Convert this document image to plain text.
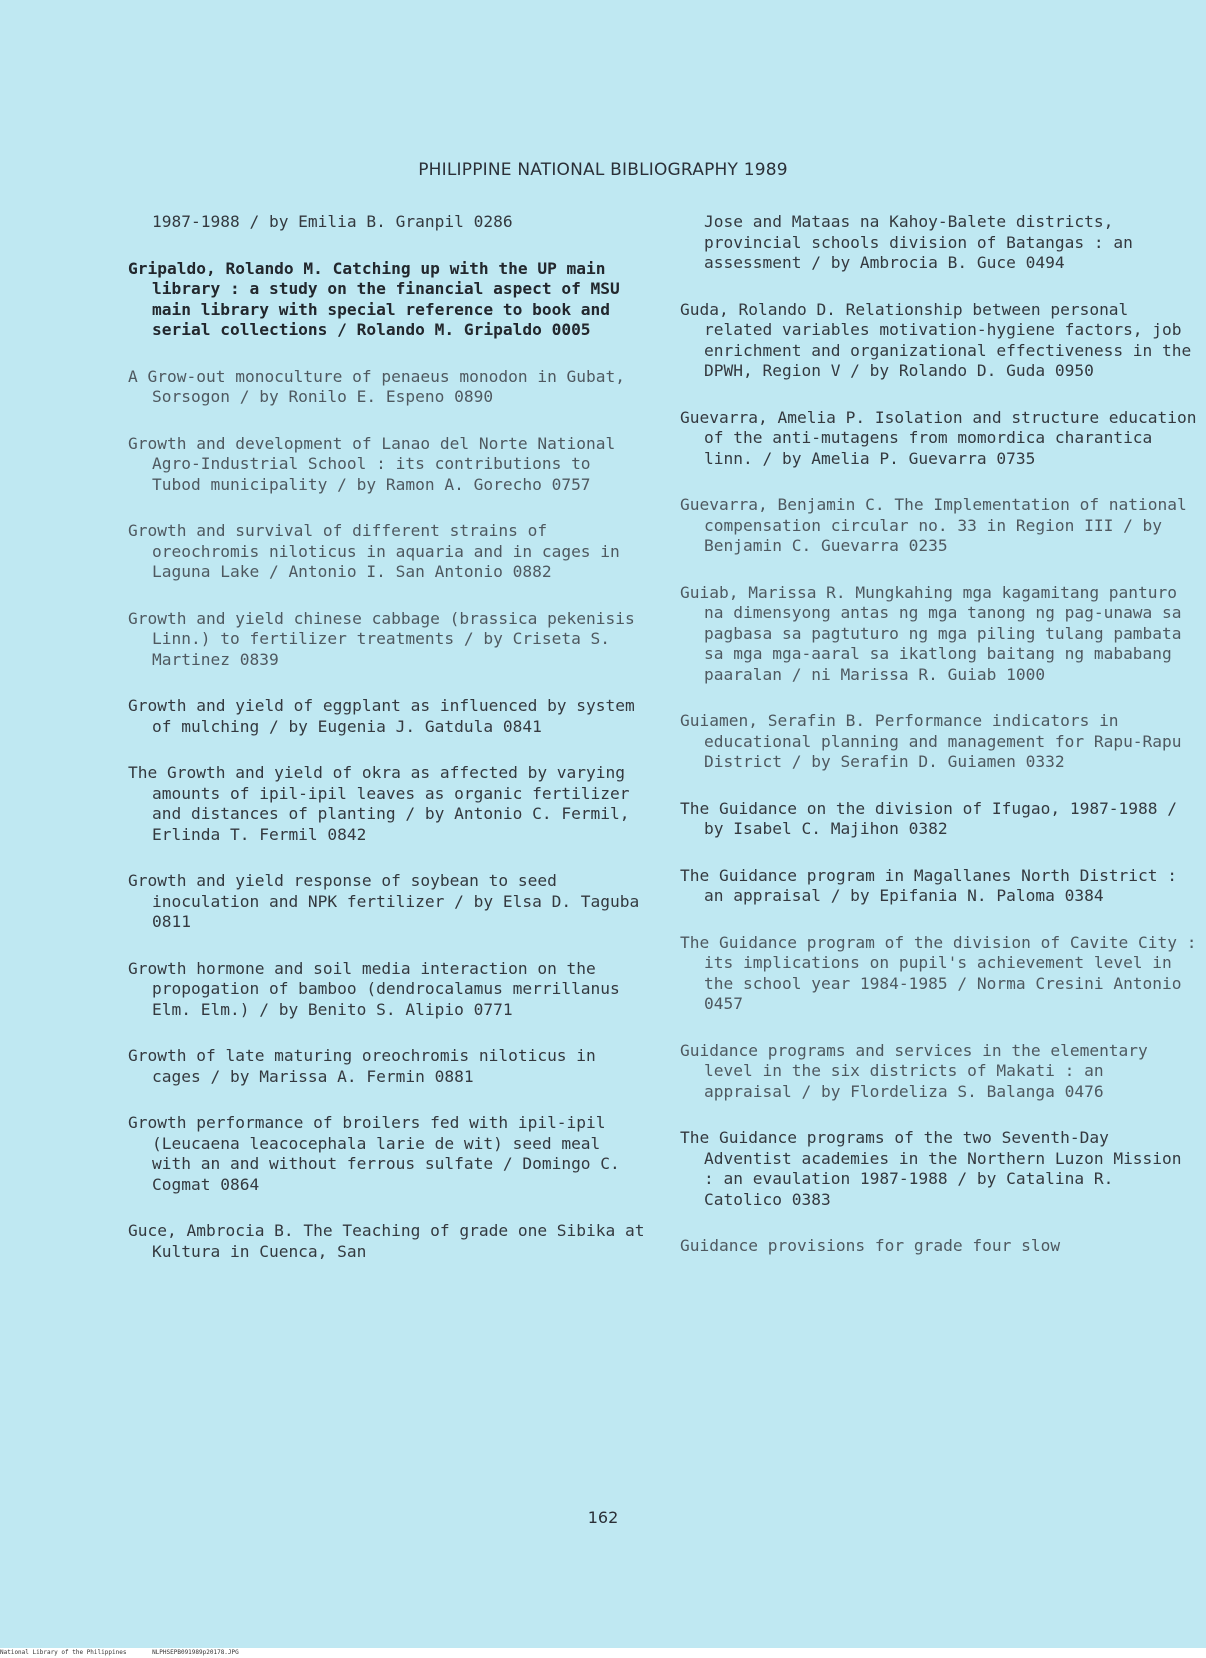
PHILIPPINE NATIONAL BIBLIOGRAPHY 1989

1987-1988 / by Emilia B. Granpil 0286

Gripaldo, Rolando M. Catching up with the UP main library : a study on the financial aspect of MSU main library with special reference to book and serial collections / Rolando M. Gripaldo 0005

A Grow-out monoculture of penaeus monodon in Gubat, Sorsogon / by Ronilo E. Espeno 0890

Growth and development of Lanao del Norte National Agro-Industrial School : its contributions to Tubod municipality / by Ramon A. Gorecho 0757

Growth and survival of different strains of oreochromis niloticus in aquaria and in cages in Laguna Lake / Antonio I. San Antonio 0882

Growth and yield chinese cabbage (brassica pekenisis Linn.) to fertilizer treatments / by Criseta S. Martinez 0839

Growth and yield of eggplant as influenced by system of mulching / by Eugenia J. Gatdula 0841

The Growth and yield of okra as affected by varying amounts of ipil-ipil leaves as organic fertilizer and distances of planting / by Antonio C. Fermil, Erlinda T. Fermil 0842

Growth and yield response of soybean to seed inoculation and NPK fertilizer / by Elsa D. Taguba 0811

Growth hormone and soil media interaction on the propogation of bamboo (dendrocalamus merrillanus Elm. Elm.) / by Benito S. Alipio 0771

Growth of late maturing oreochromis niloticus in cages / by Marissa A. Fermin 0881

Growth performance of broilers fed with ipil-ipil (Leucaena leacocephala larie de wit) seed meal with an and without ferrous sulfate / Domingo C. Cogmat 0864

Guce, Ambrocia B. The Teaching of grade one Sibika at Kultura in Cuenca, San

Jose and Mataas na Kahoy-Balete districts, provincial schools division of Batangas : an assessment / by Ambrocia B. Guce 0494

Guda, Rolando D. Relationship between personal related variables motivation-hygiene factors, job enrichment and organizational effectiveness in the DPWH, Region V / by Rolando D. Guda 0950

Guevarra, Amelia P. Isolation and structure education of the anti-mutagens from momordica charantica linn. / by Amelia P. Guevarra 0735

Guevarra, Benjamin C. The Implementation of national compensation circular no. 33 in Region III / by Benjamin C. Guevarra 0235

Guiab, Marissa R. Mungkahing mga kagamitang panturo na dimensyong antas ng mga tanong ng pag-unawa sa pagbasa sa pagtuturo ng mga piling tulang pambata sa mga mga-aaral sa ikatlong baitang ng mababang paaralan / ni Marissa R. Guiab 1000

Guiamen, Serafin B. Performance indicators in educational planning and management for Rapu-Rapu District / by Serafin D. Guiamen 0332

The Guidance on the division of Ifugao, 1987-1988 / by Isabel C. Majihon 0382

The Guidance program in Magallanes North District : an appraisal / by Epifania N. Paloma 0384

The Guidance program of the division of Cavite City : its implications on pupil's achievement level in the school year 1984-1985 / Norma Cresini Antonio 0457

Guidance programs and services in the elementary level in the six districts of Makati : an appraisal / by Flordeliza S. Balanga 0476

The Guidance programs of the two Seventh-Day Adventist academies in the Northern Luzon Mission : an evaulation 1987-1988 / by Catalina R. Catolico 0383

Guidance provisions for grade four slow

162
National Library of the Philippines	NLPHSEPB091989p20178.JPG
